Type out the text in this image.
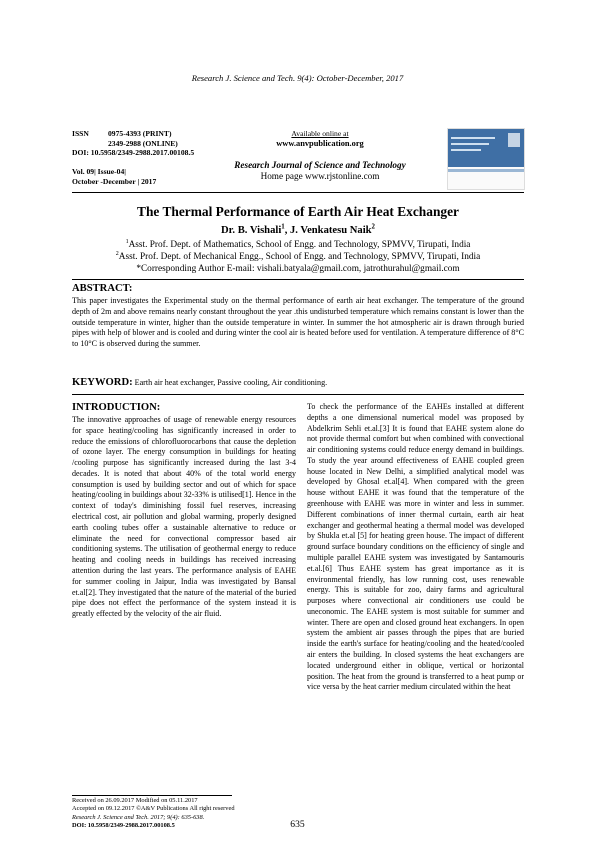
Research J. Science and Tech. 9(4): October-December, 2017
ISSN	0975-4393 (PRINT)
2349-2988 (ONLINE)
DOI: 10.5958/2349-2988.2017.00108.5
Vol. 09| Issue-04|
October -December | 2017
Available online at
www.anvpublication.org
Research Journal of Science and Technology
Home page www.rjstonline.com
The Thermal Performance of Earth Air Heat Exchanger
Dr. B. Vishali$^1$, J. Venkatesu Naik$^2$
$^1$Asst. Prof. Dept. of Mathematics, School of Engg. and Technology, SPMVV, Tirupati, India
$^2$Asst. Prof. Dept. of Mechanical Engg., School of Engg. and Technology, SPMVV, Tirupati, India
*Corresponding Author E-mail: vishali.batyala@gmail.com, jatrothurahul@gmail.com
ABSTRACT:
This paper investigates the Experimental study on the thermal performance of earth air heat exchanger. The temperature of the ground depth of 2m and above remains nearly constant throughout the year .this undisturbed temperature which remains constant is lower than the outside temperature in winter, higher than the outside temperature in winter. In summer the hot atmospheric air is drawn through buried pipes with help of blower and is cooled and during winter the cool air is heated before used for ventilation. A temperature difference of 8°C to 10°C is observed during the summer.
KEYWORD: Earth air heat exchanger, Passive cooling, Air conditioning.
INTRODUCTION:
The innovative approaches of usage of renewable energy resources for space heating/cooling has significantly increased in order to reduce the emissions of chlorofluorocarbons that cause the depletion of ozone layer. The energy consumption in buildings for heating /cooling purpose has significantly increased during the last 3-4 decades. It is noted that about 40% of the total world energy consumption is used by building sector and out of which for space heating/cooling in buildings about 32-33% is utilised[1]. Hence in the context of today's diminishing fossil fuel reserves, increasing electrical cost, air pollution and global warming, properly designed earth cooling tubes offer a sustainable alternative to reduce or eliminate the need for convectional compressor based air conditioning systems. The utilisation of geothermal energy to reduce heating and cooling needs in buildings has received increasing attention during the last years. The performance analysis of EAHE for summer cooling in Jaipur, India was investigated by Bansal et.al[2]. They investigated that the nature of the material of the buried pipe does not effect the performance of the system instead it is greatly effected by the velocity of the air fluid.
To check the performance of the EAHEs installed at different depths a one dimensional numerical model was proposed by Abdelkrim Sehli et.al.[3] It is found that EAHE system alone do not provide thermal comfort but when combined with convectional air conditioning systems could reduce energy demand in buildings. To study the year around effectiveness of EAHE coupled green house located in New Delhi, a simplified analytical model was developed by Ghosal et.al[4]. When compared with the green house without EAHE it was found that the temperature of the greenhouse with EAHE was more in winter and less in summer. Different combinations of inner thermal curtain, earth air heat exchanger and geothermal heating a thermal model was developed by Shukla et.al [5] for heating green house. The impact of different ground surface boundary conditions on the efficiency of single and multiple parallel EAHE system was investigated by Santamouris et.al.[6] Thus EAHE system has great importance as it is environmental friendly, has low running cost, uses renewable energy. This is suitable for zoo, dairy farms and agricultural purposes where convectional air conditioners use could be uneconomic. The EAHE system is most suitable for summer and winter. There are open and closed ground heat exchangers. In open system the ambient air passes through the pipes that are buried inside the earth's surface for heating/cooling and the heated/cooled air enters the building. In closed systems the heat exchangers are located underground either in oblique, vertical or horizontal position. The heat from the ground is transferred to a heat pump or vice versa by the heat carrier medium circulated within the heat
Received on 26.09.2017 Modified on 05.11.2017
Accepted on 09.12.2017 ©A&V Publications All right reserved
Research J. Science and Tech. 2017; 9(4): 635-638.
DOI: 10.5958/2349-2988.2017.00108.5	635
